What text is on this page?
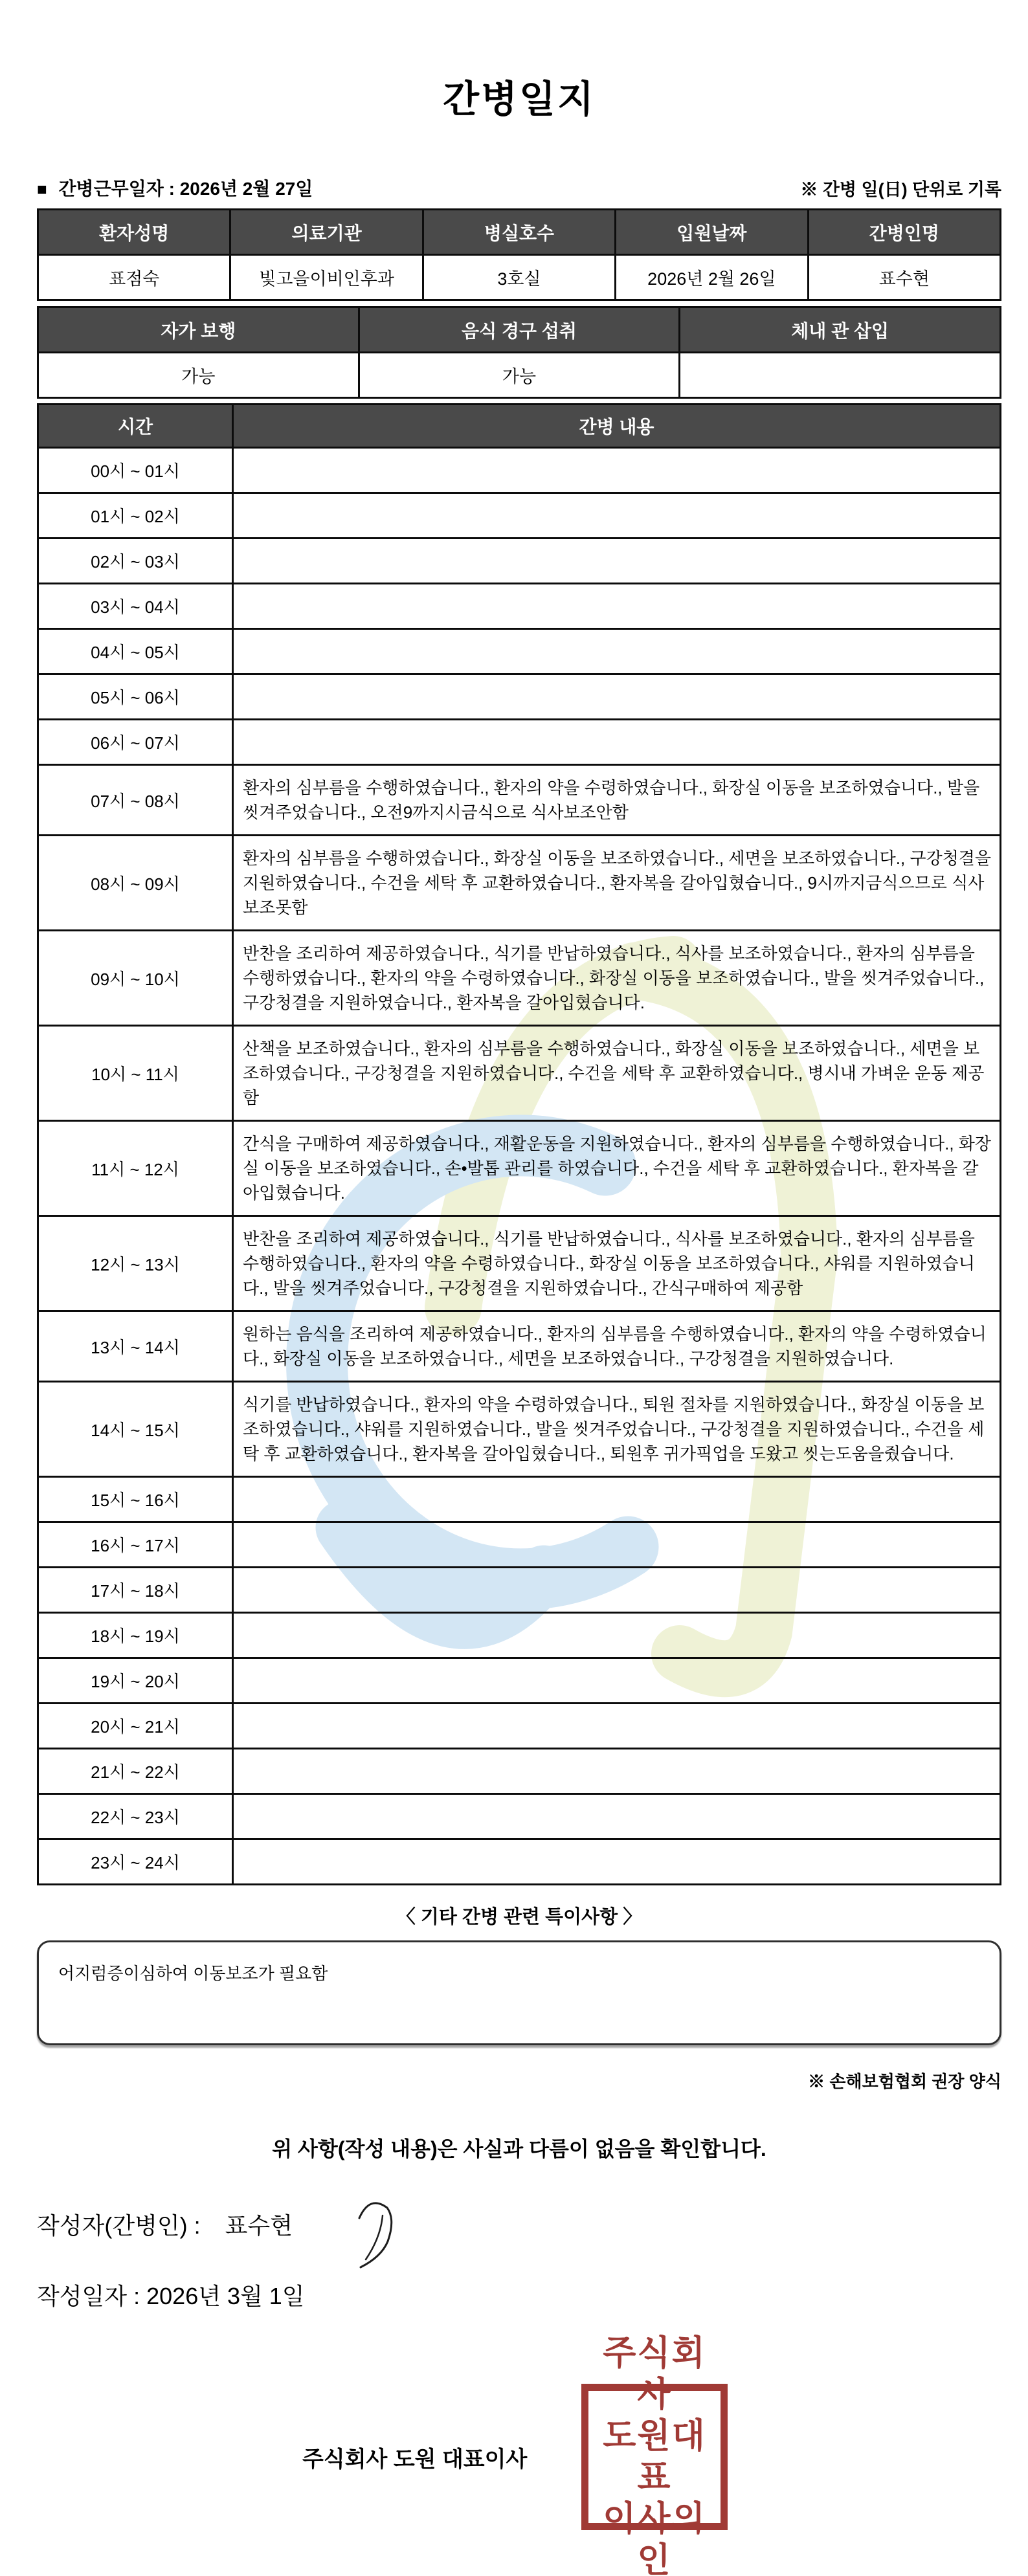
간병일지
■ 간병근무일자 : 2026년 2월 27일	※ 간병 일(日) 단위로 기록
환자성명	의료기관	병실호수	입원날짜	간병인명
표점숙	빛고을이비인후과	3호실	2026년 2월 26일	표수현
자가 보행	음식 경구 섭취	체내 관 삽입
가능	가능	
시간	간병 내용
00시 ~ 01시	
01시 ~ 02시	
02시 ~ 03시	
03시 ~ 04시	
04시 ~ 05시	
05시 ~ 06시	
06시 ~ 07시	
07시 ~ 08시	환자의 심부름을 수행하였습니다., 환자의 약을 수령하였습니다., 화장실 이동을 보조하였습니다., 발을 씻겨주었습니다., 오전9까지시금식으로 식사보조안함
08시 ~ 09시	환자의 심부름을 수행하였습니다., 화장실 이동을 보조하였습니다., 세면을 보조하였습니다., 구강청결을 지원하였습니다., 수건을 세탁 후 교환하였습니다., 환자복을 갈아입혔습니다., 9시까지금식으므로 식사보조못함
09시 ~ 10시	반찬을 조리하여 제공하였습니다., 식기를 반납하였습니다., 식사를 보조하였습니다., 환자의 심부름을 수행하였습니다., 환자의 약을 수령하였습니다., 화장실 이동을 보조하였습니다., 발을 씻겨주었습니다., 구강청결을 지원하였습니다., 환자복을 갈아입혔습니다.
10시 ~ 11시	산책을 보조하였습니다., 환자의 심부름을 수행하였습니다., 화장실 이동을 보조하였습니다., 세면을 보조하였습니다., 구강청결을 지원하였습니다., 수건을 세탁 후 교환하였습니다., 병시내 가벼운 운동 제공함
11시 ~ 12시	간식을 구매하여 제공하였습니다., 재활운동을 지원하였습니다., 환자의 심부름을 수행하였습니다., 화장실 이동을 보조하였습니다., 손•발톱 관리를 하였습니다., 수건을 세탁 후 교환하였습니다., 환자복을 갈아입혔습니다.
12시 ~ 13시	반찬을 조리하여 제공하였습니다., 식기를 반납하였습니다., 식사를 보조하였습니다., 환자의 심부름을 수행하였습니다., 환자의 약을 수령하였습니다., 화장실 이동을 보조하였습니다., 샤워를 지원하였습니다., 발을 씻겨주었습니다., 구강청결을 지원하였습니다., 간식구매하여 제공함
13시 ~ 14시	원하는 음식을 조리하여 제공하였습니다., 환자의 심부름을 수행하였습니다., 환자의 약을 수령하였습니다., 화장실 이동을 보조하였습니다., 세면을 보조하였습니다., 구강청결을 지원하였습니다.
14시 ~ 15시	식기를 반납하였습니다., 환자의 약을 수령하였습니다., 퇴원 절차를 지원하였습니다., 화장실 이동을 보조하였습니다., 샤워를 지원하였습니다., 발을 씻겨주었습니다., 구강청결을 지원하였습니다., 수건을 세탁 후 교환하였습니다., 환자복을 갈아입혔습니다., 퇴원후 귀가픽업을 도왔고 씻는도움을줬습니다.
15시 ~ 16시	
16시 ~ 17시	
17시 ~ 18시	
18시 ~ 19시	
19시 ~ 20시	
20시 ~ 21시	
21시 ~ 22시	
22시 ~ 23시	
23시 ~ 24시	
〈 기타 간병 관련 특이사항 〉
어지럼증이심하여 이동보조가 필요함
※ 손해보험협회 권장 양식
위 사항(작성 내용)은 사실과 다름이 없음을 확인합니다.
작성자(간병인) : 표수현
작성일자 : 2026년 3월 1일
주식회사 도원 대표이사
주식회사
도원대표
이사의인
